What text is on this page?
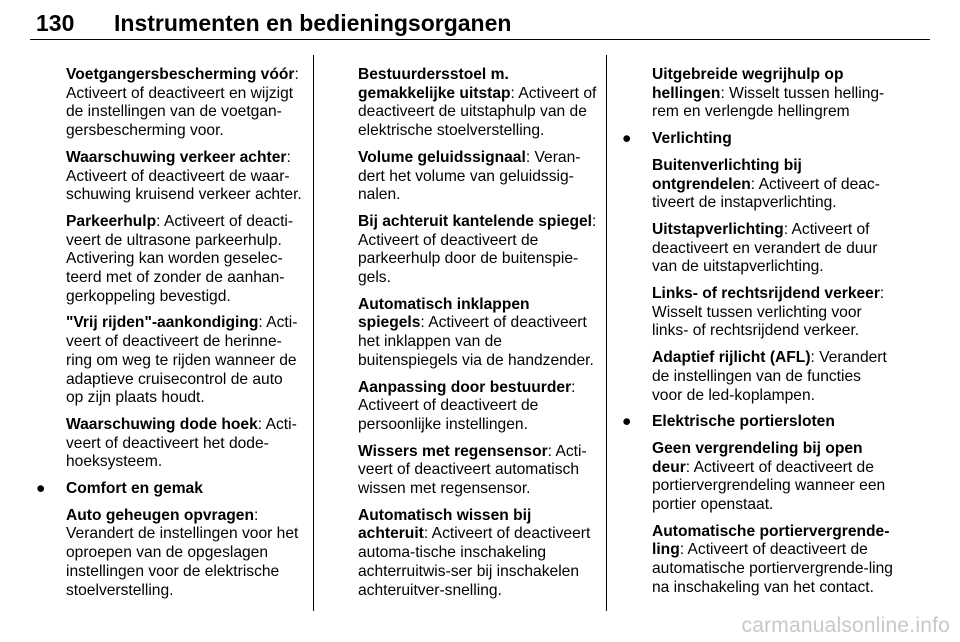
130 Instrumenten en bedieningsorganen
Voetgangersbescherming vóór: Activeert of deactiveert en wijzigt de instellingen van de voetgan-gersbescherming voor.
Waarschuwing verkeer achter: Activeert of deactiveert de waar-schuwing kruisend verkeer achter.
Parkeerhulp: Activeert of deacti-veert de ultrasone parkeerhulp. Activering kan worden geselec-teerd met of zonder de aanhan-gerkoppeling bevestigd.
"Vrij rijden"-aankondiging: Acti-veert of deactiveert de herinne-ring om weg te rijden wanneer de adaptieve cruisecontrol de auto op zijn plaats houdt.
Waarschuwing dode hoek: Acti-veert of deactiveert het dode-hoeksysteem.
● Comfort en gemak
Auto geheugen opvragen: Verandert de instellingen voor het oproepen van de opgeslagen instellingen voor de elektrische stoelverstelling.
Bestuurdersstoel m. gemakkelijke uitstap: Activeert of deactiveert de uitstaphulp van de elektrische stoelverstelling.
Volume geluidssignaal: Veran-dert het volume van geluidssig-nalen.
Bij achteruit kantelende spiegel: Activeert of deactiveert de parkeerhulp door de buitenspie-gels.
Automatisch inklappen spiegels: Activeert of deactiveert het inklappen van de buitenspiegels via de handzender.
Aanpassing door bestuurder: Activeert of deactiveert de persoonlijke instellingen.
Wissers met regensensor: Acti-veert of deactiveert automatisch wissen met regensensor.
Automatisch wissen bij achteruit: Activeert of deactiveert automa-tische inschakeling achterruitwis-ser bij inschakelen achteruitver-snelling.
Uitgebreide wegrijhulp op hellingen: Wisselt tussen helling-rem en verlengde hellingrem
● Verlichting
Buitenverlichting bij ontgrendelen: Activeert of deac-tiveert de instapverlichting.
Uitstapverlichting: Activeert of deactiveert en verandert de duur van de uitstapverlichting.
Links- of rechtsrijdend verkeer: Wisselt tussen verlichting voor links- of rechtsrijdend verkeer.
Adaptief rijlicht (AFL): Verandert de instellingen van de functies voor de led-koplampen.
● Elektrische portiersloten
Geen vergrendeling bij open deur: Activeert of deactiveert de portiervergrendeling wanneer een portier openstaat.
Automatische portiervergrende-ling: Activeert of deactiveert de automatische portiervergrende-ling na inschakeling van het contact.
carmanualsonline.info
